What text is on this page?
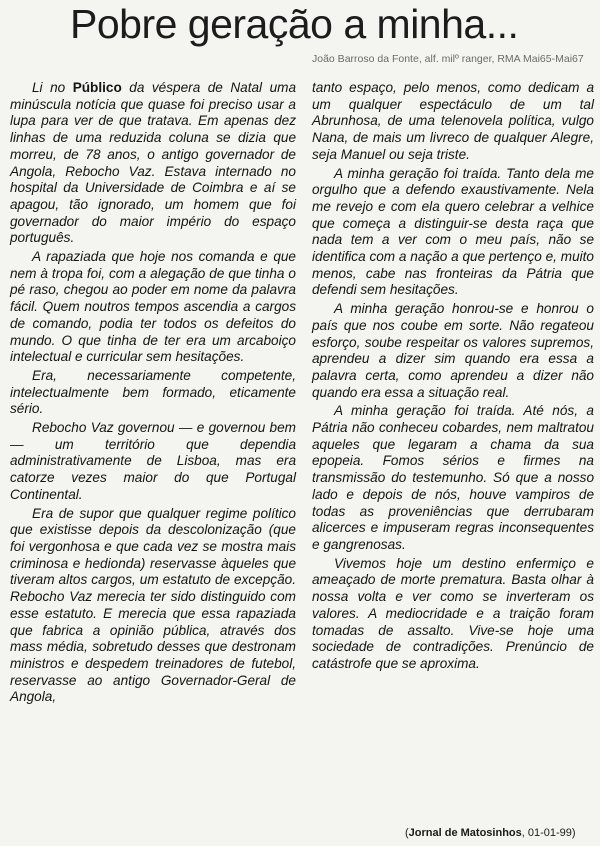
Pobre geração a minha...
João Barroso da Fonte, alf. milº ranger, RMA Mai65-Mai67

Li no Público da véspera de Natal uma minúscula notícia que quase foi preciso usar a lupa para ver de que tratava. Em apenas dez linhas de uma reduzida coluna se dizia que morreu, de 78 anos, o antigo governador de Angola, Rebocho Vaz. Estava internado no hospital da Universidade de Coimbra e aí se apagou, tão ignorado, um homem que foi governador do maior império do espaço português.

A rapaziada que hoje nos comanda e que nem à tropa foi, com a alegação de que tinha o pé raso, chegou ao poder em nome da palavra fácil. Quem noutros tempos ascendia a cargos de comando, podia ter todos os defeitos do mundo. O que tinha de ter era um arcaboiço intelectual e curricular sem hesitações.

Era, necessariamente competente, intelectualmente bem formado, eticamente sério.

Rebocho Vaz governou — e governou bem — um território que dependia administrativamente de Lisboa, mas era catorze vezes maior do que Portugal Continental.

Era de supor que qualquer regime político que existisse depois da descolonização (que foi vergonhosa e que cada vez se mostra mais criminosa e hedionda) reservasse àqueles que tiveram altos cargos, um estatuto de excepção. Rebocho Vaz merecia ter sido distinguido com esse estatuto. E merecia que essa rapaziada que fabrica a opinião pública, através dos mass média, sobretudo desses que destronam ministros e despedem treinadores de futebol, reservasse ao antigo Governador-Geral de Angola,

tanto espaço, pelo menos, como dedicam a um qualquer espectáculo de um tal Abrunhosa, de uma telenovela política, vulgo Nana, de mais um livreco de qualquer Alegre, seja Manuel ou seja triste.

A minha geração foi traída. Tanto dela me orgulho que a defendo exaustivamente. Nela me revejo e com ela quero celebrar a velhice que começa a distinguir-se desta raça que nada tem a ver com o meu país, não se identifica com a nação a que pertenço e, muito menos, cabe nas fronteiras da Pátria que defendi sem hesitações.

A minha geração honrou-se e honrou o país que nos coube em sorte. Não regateou esforço, soube respeitar os valores supremos, aprendeu a dizer sim quando era essa a palavra certa, como aprendeu a dizer não quando era essa a situação real.

A minha geração foi traída. Até nós, a Pátria não conheceu cobardes, nem maltratou aqueles que legaram a chama da sua epopeia. Fomos sérios e firmes na transmissão do testemunho. Só que a nosso lado e depois de nós, houve vampiros de todas as proveniências que derrubaram alicerces e impuseram regras inconsequentes e gangrenosas.

Vivemos hoje um destino enfermiço e ameaçado de morte prematura. Basta olhar à nossa volta e ver como se inverteram os valores. A mediocridade e a traição foram tomadas de assalto. Vive-se hoje uma sociedade de contradições. Prenúncio de catástrofe que se aproxima.

(Jornal de Matosinhos, 01-01-99)
